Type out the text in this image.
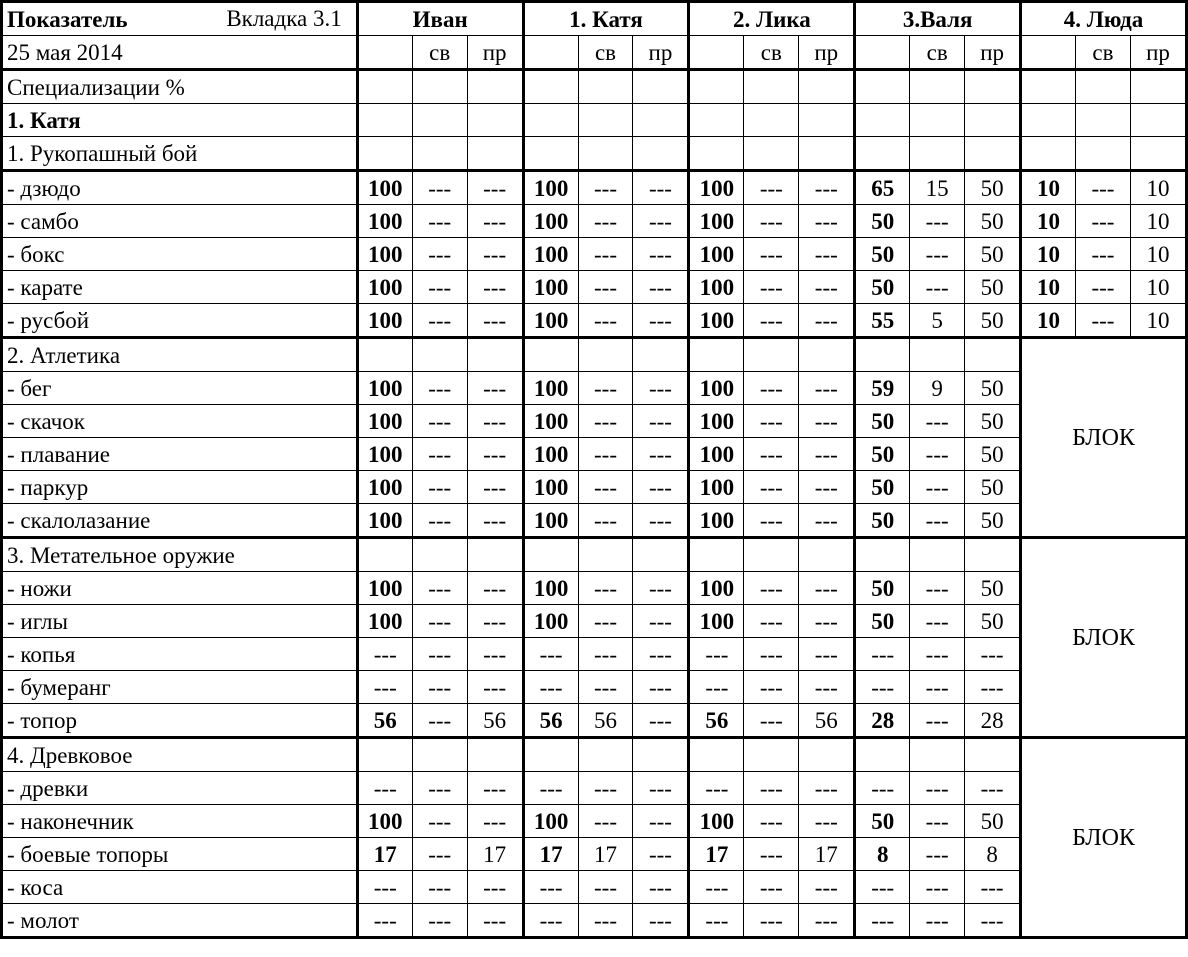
Показатель Вкладка 3.1	Иван			1. Катя			2. Лика			3.Валя			4. Люда		
25 мая 2014		св	пр		св	пр		св	пр		св	пр		св	пр
Специализации %															
1. Катя															
1. Рукопашный бой															
- дзюдо	100	---	---	100	---	---	100	---	---	65	15	50	10	---	10
- самбо	100	---	---	100	---	---	100	---	---	50	---	50	10	---	10
- бокс	100	---	---	100	---	---	100	---	---	50	---	50	10	---	10
- карате	100	---	---	100	---	---	100	---	---	50	---	50	10	---	10
- русбой	100	---	---	100	---	---	100	---	---	55	5	50	10	---	10
2. Атлетика													БЛОК		
- бег	100	---	---	100	---	---	100	---	---	59	9	50			
- скачок	100	---	---	100	---	---	100	---	---	50	---	50			
- плавание	100	---	---	100	---	---	100	---	---	50	---	50			
- паркур	100	---	---	100	---	---	100	---	---	50	---	50			
- скалолазание	100	---	---	100	---	---	100	---	---	50	---	50			
3. Метательное оружие													БЛОК		
- ножи	100	---	---	100	---	---	100	---	---	50	---	50			
- иглы	100	---	---	100	---	---	100	---	---	50	---	50			
- копья	---	---	---	---	---	---	---	---	---	---	---	---			
- бумеранг	---	---	---	---	---	---	---	---	---	---	---	---			
- топор	56	---	56	56	56	---	56	---	56	28	---	28			
4. Древковое													БЛОК		
- древки	---	---	---	---	---	---	---	---	---	---	---	---			
- наконечник	100	---	---	100	---	---	100	---	---	50	---	50			
- боевые топоры	17	---	17	17	17	---	17	---	17	8	---	8			
- коса	---	---	---	---	---	---	---	---	---	---	---	---			
- молот	---	---	---	---	---	---	---	---	---	---	---	---			
